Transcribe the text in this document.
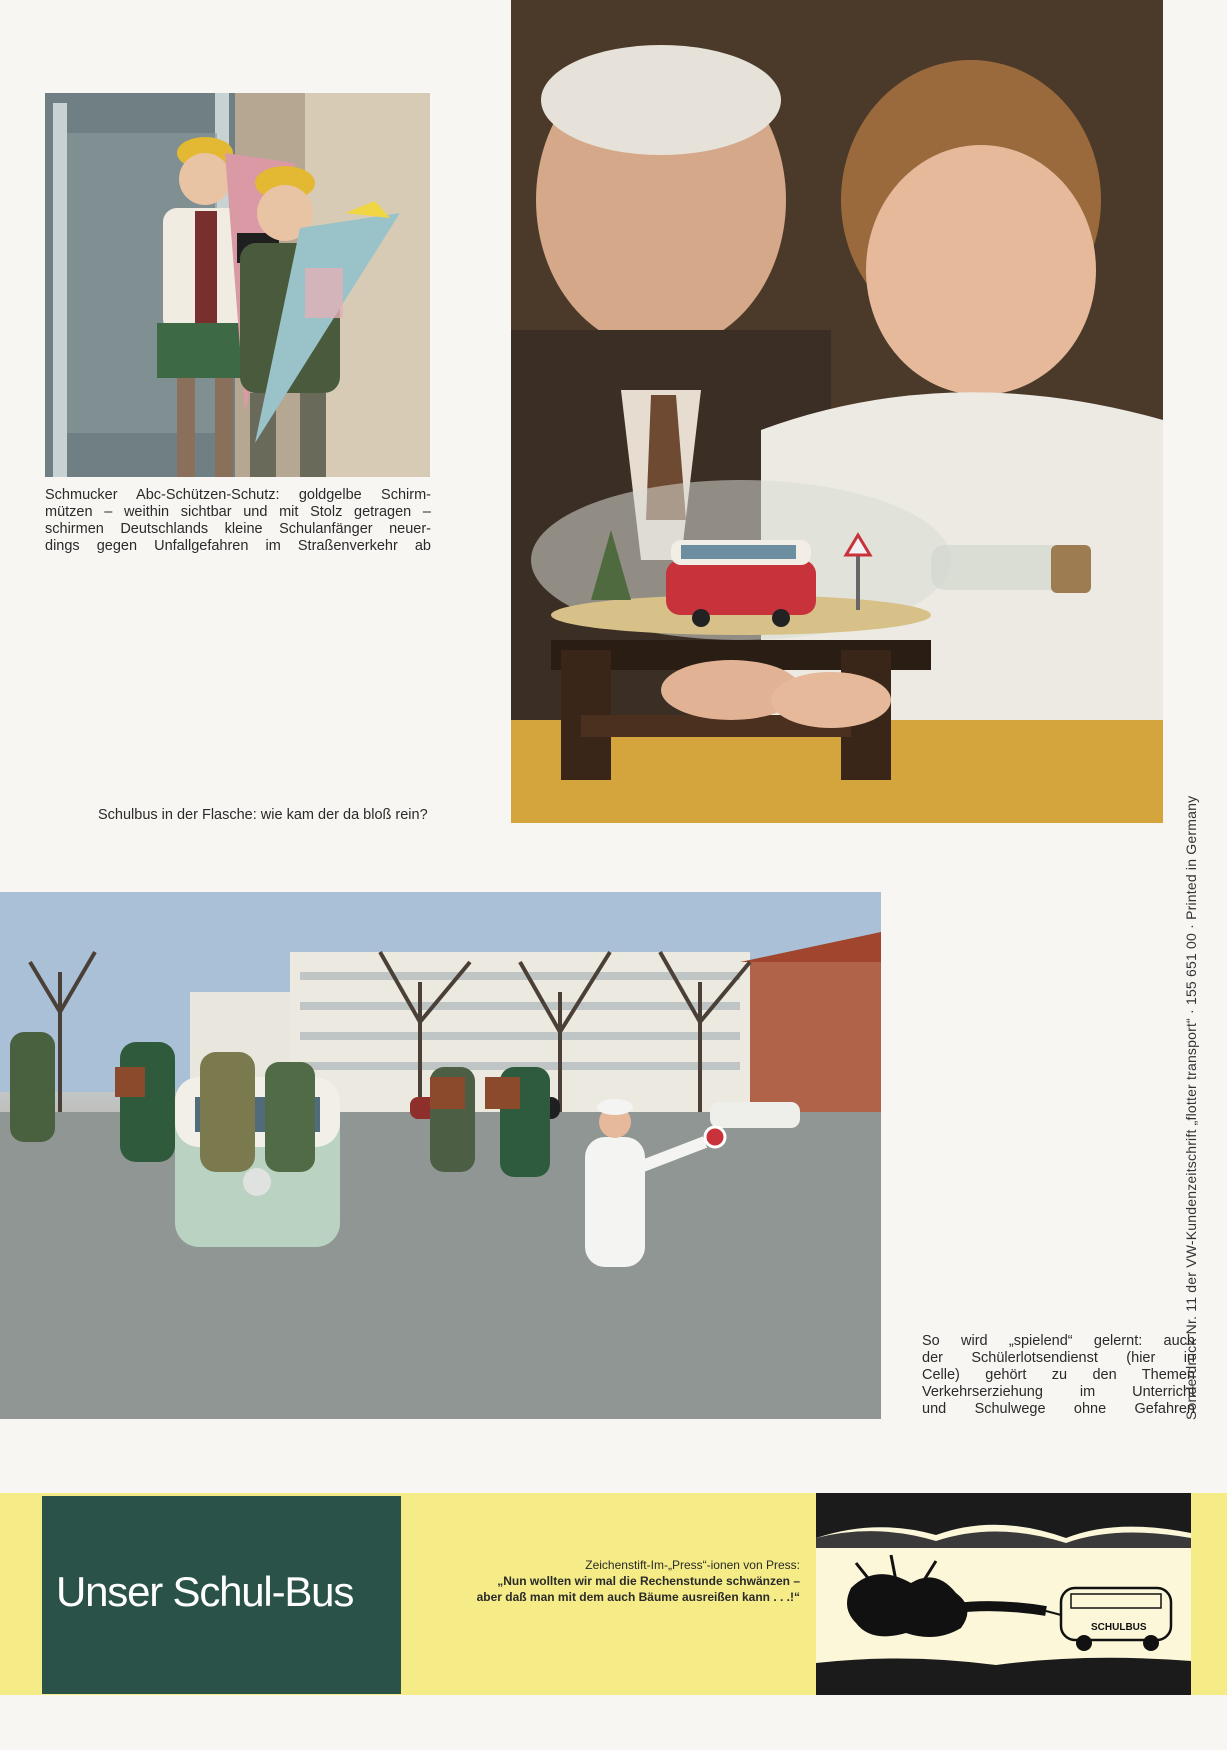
Schmucker Abc-Schützen-Schutz: goldgelbe Schirm-
mützen – weithin sichtbar und mit Stolz getragen –
schirmen Deutschlands kleine Schulanfänger neuer-
dings gegen Unfallgefahren im Straßenverkehr ab
Schulbus in der Flasche: wie kam der da bloß rein?
So wird „spielend“ gelernt: auch
der Schülerlotsendienst (hier in
Celle) gehört zu den Themen
Verkehrserziehung im Unterricht
und Schulwege ohne Gefahren
Sonderdruck Nr. 11 der VW-Kundenzeitschrift „flotter transport“ · 155 651 00 · Printed in Germany
Unser Schul-Bus
Zeichenstift-Im-„Press“-ionen von Press:
„Nun wollten wir mal die Rechenstunde schwänzen –
aber daß man mit dem auch Bäume ausreißen kann . . .!“
SCHULBUS
